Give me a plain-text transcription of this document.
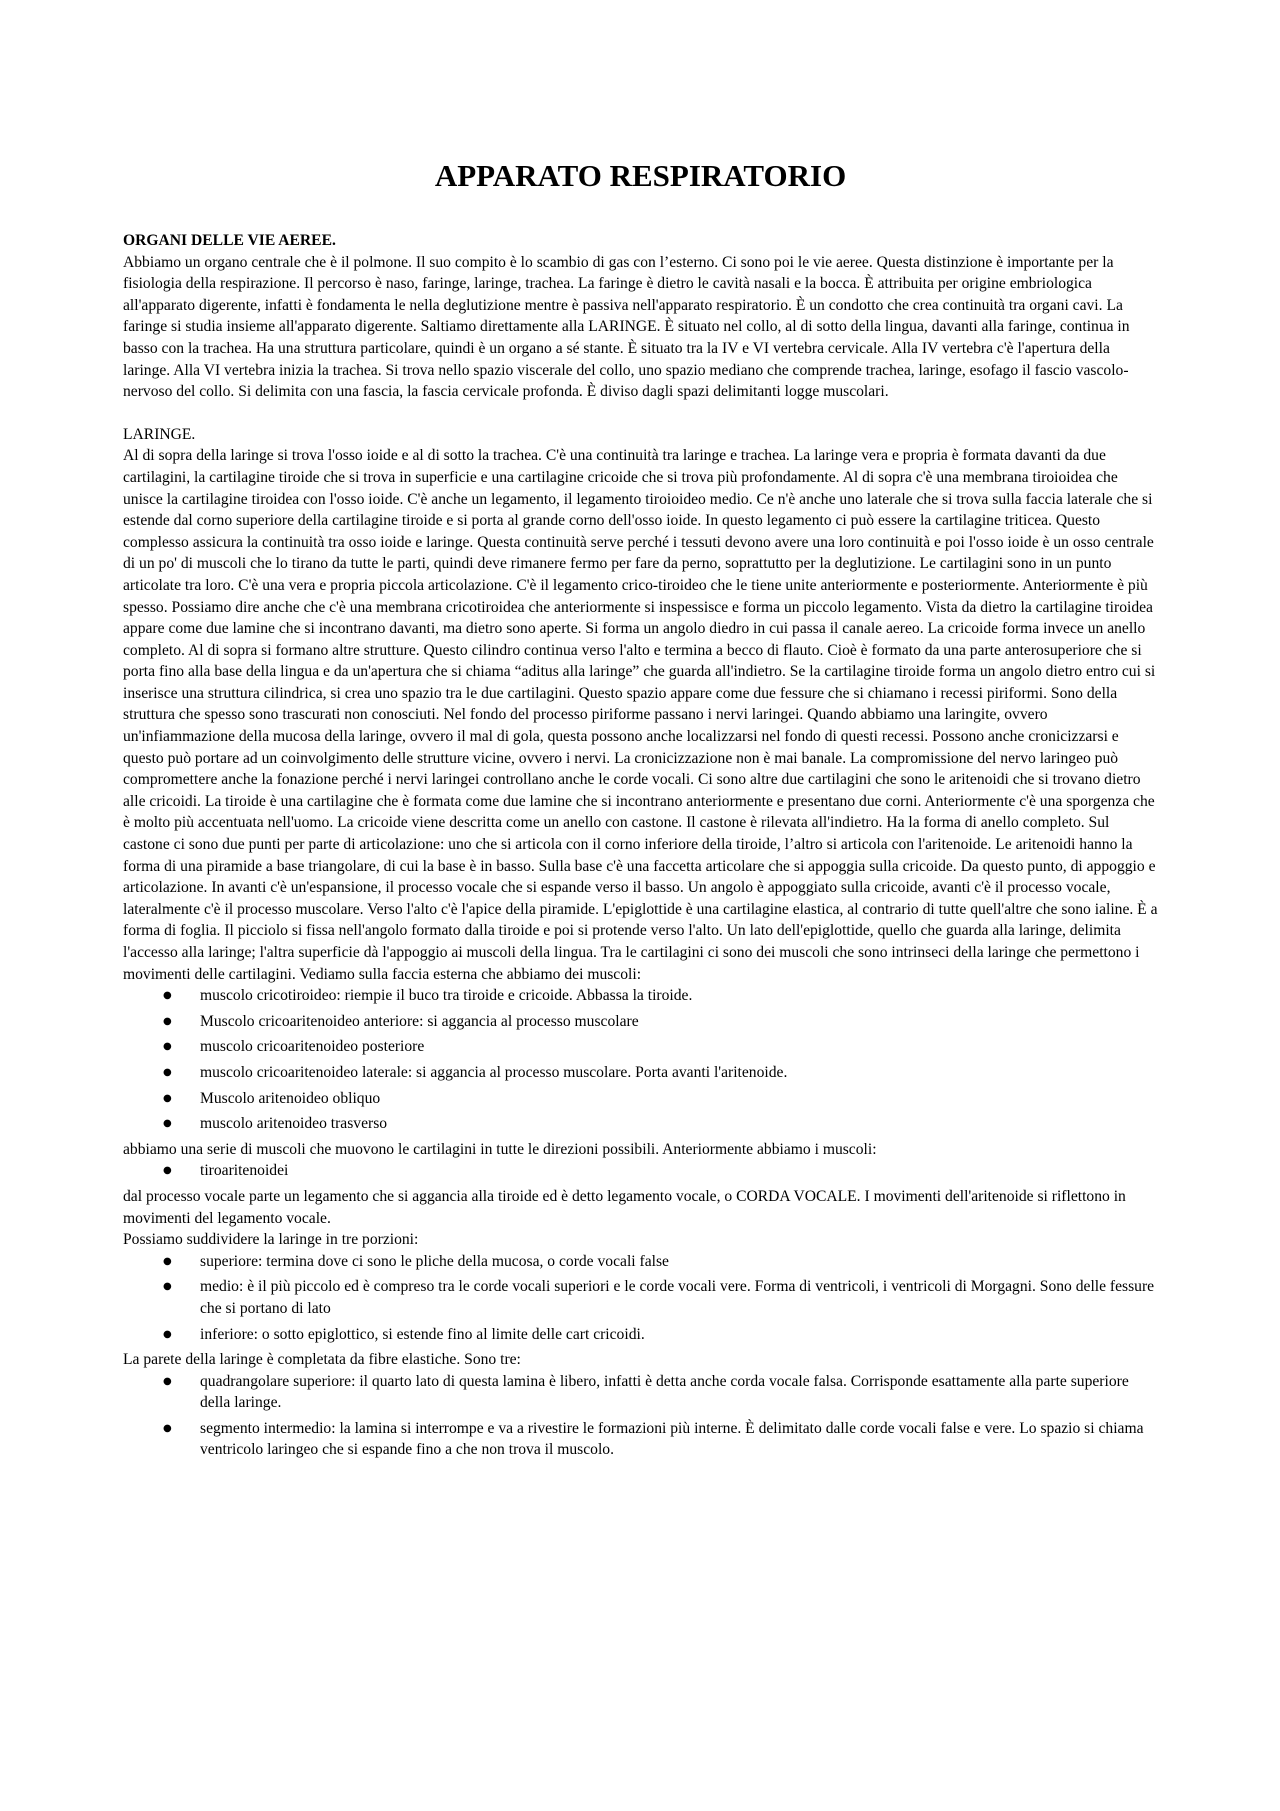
APPARATO RESPIRATORIO

ORGANI DELLE VIE AEREE.

Abbiamo un organo centrale che è il polmone. Il suo compito è lo scambio di gas con l’esterno. Ci sono poi le vie aeree. Questa distinzione è importante per la fisiologia della respirazione. Il percorso è naso, faringe, laringe, trachea. La faringe è dietro le cavità nasali e la bocca. È attribuita per origine embriologica all'apparato digerente, infatti è fondamenta le nella deglutizione mentre è passiva nell'apparato respiratorio. È un condotto che crea continuità tra organi cavi. La faringe si studia insieme all'apparato digerente. Saltiamo direttamente alla LARINGE. È situato nel collo, al di sotto della lingua, davanti alla faringe, continua in basso con la trachea. Ha una struttura particolare, quindi è un organo a sé stante. È situato tra la IV e VI vertebra cervicale. Alla IV vertebra c'è l'apertura della laringe. Alla VI vertebra inizia la trachea. Si trova nello spazio viscerale del collo, uno spazio mediano che comprende trachea, laringe, esofago il fascio vascolo-nervoso del collo. Si delimita con una fascia, la fascia cervicale profonda. È diviso dagli spazi delimitanti logge muscolari.

LARINGE.

Al di sopra della laringe si trova l'osso ioide e al di sotto la trachea. C'è una continuità tra laringe e trachea. La laringe vera e propria è formata davanti da due cartilagini, la cartilagine tiroide che si trova in superficie e una cartilagine cricoide che si trova più profondamente. Al di sopra c'è una membrana tiroioidea che unisce la cartilagine tiroidea con l'osso ioide. C'è anche un legamento, il legamento tiroioideo medio. Ce n'è anche uno laterale che si trova sulla faccia laterale che si estende dal corno superiore della cartilagine tiroide e si porta al grande corno dell'osso ioide. In questo legamento ci può essere la cartilagine triticea. Questo complesso assicura la continuità tra osso ioide e laringe. Questa continuità serve perché i tessuti devono avere una loro continuità e poi l'osso ioide è un osso centrale di un po' di muscoli che lo tirano da tutte le parti, quindi deve rimanere fermo per fare da perno, soprattutto per la deglutizione. Le cartilagini sono in un punto articolate tra loro. C'è una vera e propria piccola articolazione. C'è il legamento crico-tiroideo che le tiene unite anteriormente e posteriormente. Anteriormente è più spesso. Possiamo dire anche che c'è una membrana cricotiroidea che anteriormente si inspessisce e forma un piccolo legamento. Vista da dietro la cartilagine tiroidea appare come due lamine che si incontrano davanti, ma dietro sono aperte. Si forma un angolo diedro in cui passa il canale aereo. La cricoide forma invece un anello completo. Al di sopra si formano altre strutture. Questo cilindro continua verso l'alto e termina a becco di flauto. Cioè è formato da una parte anterosuperiore che si porta fino alla base della lingua e da un'apertura che si chiama “aditus alla laringe” che guarda all'indietro. Se la cartilagine tiroide forma un angolo dietro entro cui si inserisce una struttura cilindrica, si crea uno spazio tra le due cartilagini. Questo spazio appare come due fessure che si chiamano i recessi piriformi. Sono della struttura che spesso sono trascurati non conosciuti. Nel fondo del processo piriforme passano i nervi laringei. Quando abbiamo una laringite, ovvero un'infiammazione della mucosa della laringe, ovvero il mal di gola, questa possono anche localizzarsi nel fondo di questi recessi. Possono anche cronicizzarsi e questo può portare ad un coinvolgimento delle strutture vicine, ovvero i nervi. La cronicizzazione non è mai banale. La compromissione del nervo laringeo può compromettere anche la fonazione perché i nervi laringei controllano anche le corde vocali. Ci sono altre due cartilagini che sono le aritenoidi che si trovano dietro alle cricoidi. La tiroide è una cartilagine che è formata come due lamine che si incontrano anteriormente e presentano due corni. Anteriormente c'è una sporgenza che è molto più accentuata nell'uomo. La cricoide viene descritta come un anello con castone. Il castone è rilevata all'indietro. Ha la forma di anello completo. Sul castone ci sono due punti per parte di articolazione: uno che si articola con il corno inferiore della tiroide, l’altro si articola con l'aritenoide. Le aritenoidi hanno la forma di una piramide a base triangolare, di cui la base è in basso. Sulla base c'è una faccetta articolare che si appoggia sulla cricoide. Da questo punto, di appoggio e articolazione. In avanti c'è un'espansione, il processo vocale che si espande verso il basso. Un angolo è appoggiato sulla cricoide, avanti c'è il processo vocale, lateralmente c'è il processo muscolare. Verso l'alto c'è l'apice della piramide. L'epiglottide è una cartilagine elastica, al contrario di tutte quell'altre che sono ialine. È a forma di foglia. Il picciolo si fissa nell'angolo formato dalla tiroide e poi si protende verso l'alto. Un lato dell'epiglottide, quello che guarda alla laringe, delimita l'accesso alla laringe; l'altra superficie dà l'appoggio ai muscoli della lingua. Tra le cartilagini ci sono dei muscoli che sono intrinseci della laringe che permettono i movimenti delle cartilagini. Vediamo sulla faccia esterna che abbiamo dei muscoli:

● muscolo cricotiroideo: riempie il buco tra tiroide e cricoide. Abbassa la tiroide.
● Muscolo cricoaritenoideo anteriore: si aggancia al processo muscolare
● muscolo cricoaritenoideo posteriore
● muscolo cricoaritenoideo laterale: si aggancia al processo muscolare. Porta avanti l'aritenoide.
● Muscolo aritenoideo obliquo
● muscolo aritenoideo trasverso

abbiamo una serie di muscoli che muovono le cartilagini in tutte le direzioni possibili. Anteriormente abbiamo i muscoli:

● tiroaritenoidei

dal processo vocale parte un legamento che si aggancia alla tiroide ed è detto legamento vocale, o CORDA VOCALE. I movimenti dell'aritenoide si riflettono in movimenti del legamento vocale.

Possiamo suddividere la laringe in tre porzioni:

● superiore: termina dove ci sono le pliche della mucosa, o corde vocali false
● medio: è il più piccolo ed è compreso tra le corde vocali superiori e le corde vocali vere. Forma di ventricoli, i ventricoli di Morgagni. Sono delle fessure che si portano di lato
● inferiore: o sotto epiglottico, si estende fino al limite delle cart cricoidi.

La parete della laringe è completata da fibre elastiche. Sono tre:

● quadrangolare superiore: il quarto lato di questa lamina è libero, infatti è detta anche corda vocale falsa. Corrisponde esattamente alla parte superiore della laringe.
● segmento intermedio: la lamina si interrompe e va a rivestire le formazioni più interne. È delimitato dalle corde vocali false e vere. Lo spazio si chiama ventricolo laringeo che si espande fino a che non trova il muscolo.
